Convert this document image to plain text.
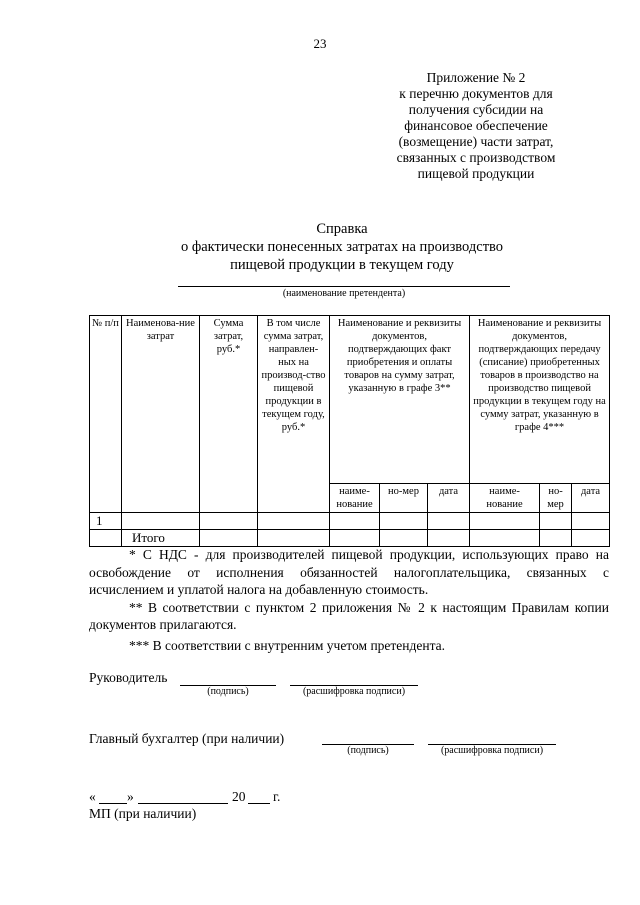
23
Приложение № 2
к перечню документов для
получения субсидии на
финансовое обеспечение
(возмещение) части затрат,
связанных с производством
пищевой продукции
Справка
о фактически понесенных затратах на производство
пищевой продукции в текущем году
(наименование претендента)
№ п/п	Наименова-ние затрат	Сумма затрат, руб.*	В том числе сумма затрат, направлен-ных на производ-ство пищевой продукции в текущем году, руб.*	Наименование и реквизиты документов, подтверждающих факт приобретения и оплаты товаров на сумму затрат, указанную в графе 3**			Наименование и реквизиты документов, подтверждающих передачу (списание) приобретенных товаров в производство на производство пищевой продукции в текущем году на сумму затрат, указанную в графе 4***		
				наиме-нование	но-мер	дата	наиме-нование	но-мер	дата
1									
	Итого								

* С НДС - для производителей пищевой продукции, использующих право на освобождение от исполнения обязанностей налогоплательщика, связанных с исчислением и уплатой налога на добавленную стоимость.

** В соответствии с пунктом 2 приложения № 2 к настоящим Правилам копии документов прилагаются.

*** В соответствии с внутренним учетом претендента.

Руководитель
(подпись)	(расшифровка подписи)
Главный бухгалтер (при наличии)
(подпись)	(расшифровка подписи)
« »	20 г.
МП (при наличии)
